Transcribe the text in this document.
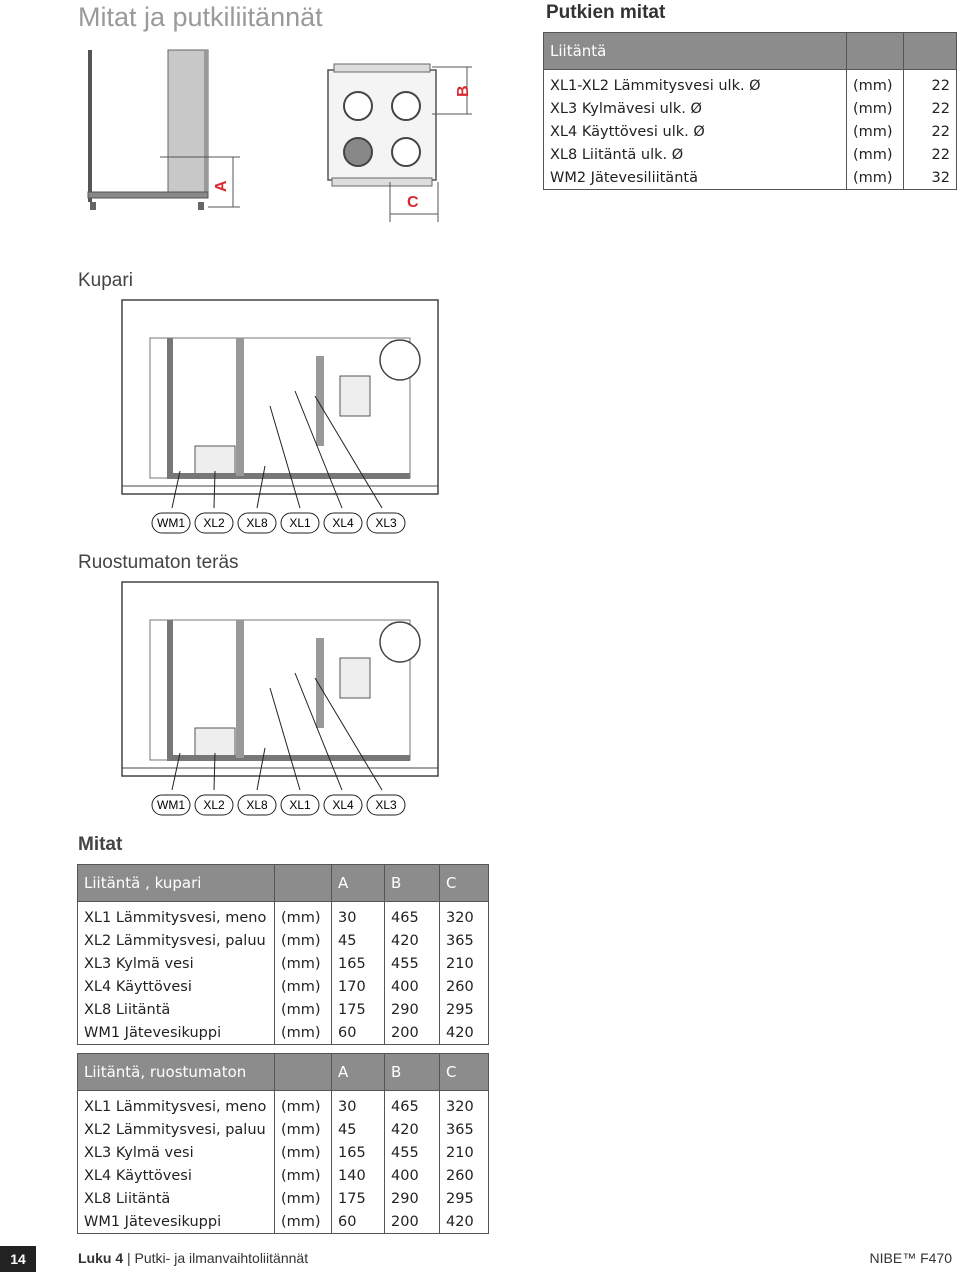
Mitat ja putkiliitännät
A
B
C
Putkien mitat
Liitäntä		
XL1-XL2 Lämmitysvesi ulk. Ø	(mm)	22
XL3 Kylmävesi ulk. Ø	(mm)	22
XL4 Käyttövesi ulk. Ø	(mm)	22
XL8 Liitäntä ulk. Ø	(mm)	22
WM2 Jätevesiliitäntä	(mm)	32
Kupari
WM1 XL2 XL8 XL1 XL4 XL3
Ruostumaton teräs
WM1 XL2 XL8 XL1 XL4 XL3
Mitat
Liitäntä , kupari		A	B	C
XL1 Lämmitysvesi, meno	(mm)	30	465	320
XL2 Lämmitysvesi, paluu	(mm)	45	420	365
XL3 Kylmä vesi	(mm)	165	455	210
XL4 Käyttövesi	(mm)	170	400	260
XL8 Liitäntä	(mm)	175	290	295
WM1 Jätevesikuppi	(mm)	60	200	420
Liitäntä, ruostumaton		A	B	C
XL1 Lämmitysvesi, meno	(mm)	30	465	320
XL2 Lämmitysvesi, paluu	(mm)	45	420	365
XL3 Kylmä vesi	(mm)	165	455	210
XL4 Käyttövesi	(mm)	140	400	260
XL8 Liitäntä	(mm)	175	290	295
WM1 Jätevesikuppi	(mm)	60	200	420
14	Luku 4 | Putki- ja ilmanvaihtoliitännät	NIBE™ F470
